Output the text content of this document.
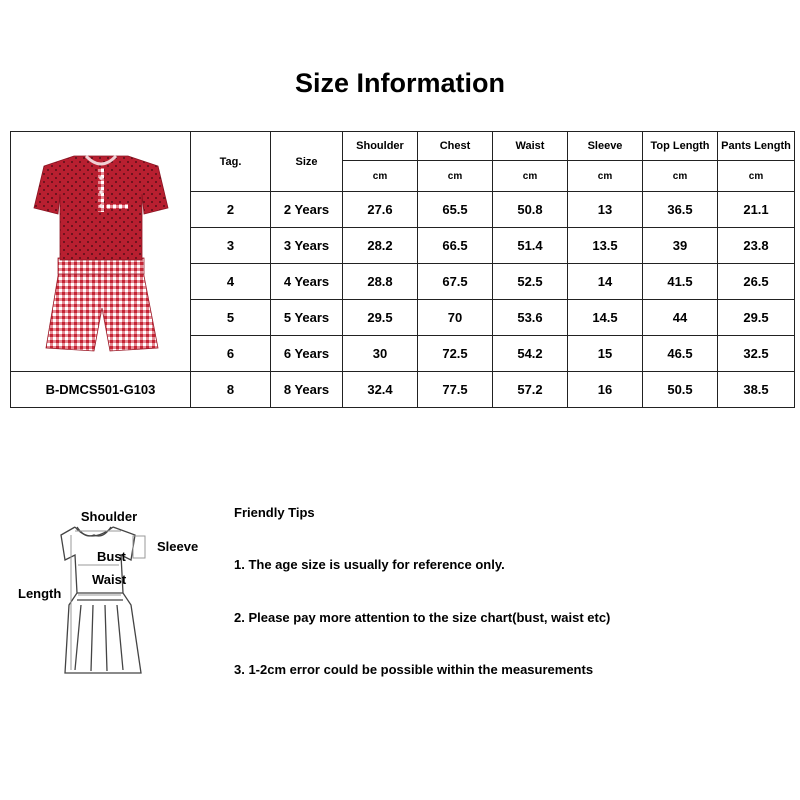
Size Information
	Tag.	Size	Shoulder	Chest	Waist	Sleeve	Top Length	Pants Length
			cm	cm	cm	cm	cm	cm
	2	2 Years	27.6	65.5	50.8	13	36.5	21.1
	3	3 Years	28.2	66.5	51.4	13.5	39	23.8
	4	4 Years	28.8	67.5	52.5	14	41.5	26.5
	5	5 Years	29.5	70	53.6	14.5	44	29.5
	6	6 Years	30	72.5	54.2	15	46.5	32.5
B-DMCS501-G103	8	8 Years	32.4	77.5	57.2	16	50.5	38.5
Shoulder
Sleeve
Bust
Waist
Length
Friendly Tips
1. The age size is usually for reference only.
2. Please pay more attention to the size chart(bust, waist etc)
3. 1-2cm error could be possible within the measurements
